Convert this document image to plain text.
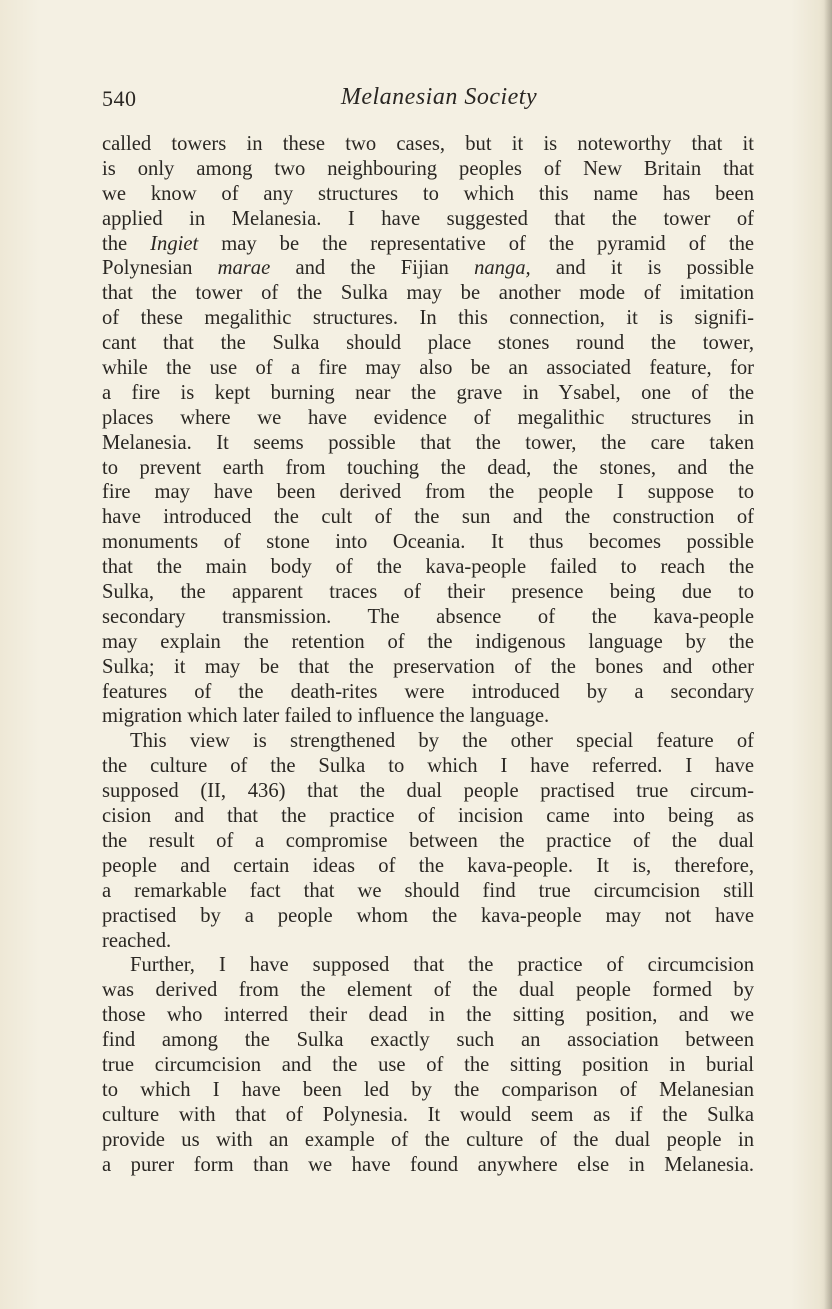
540	Melanesian Society
called towers in these two cases, but it is noteworthy that it
is only among two neighbouring peoples of New Britain that
we know of any structures to which this name has been
applied in Melanesia. I have suggested that the tower of
the Ingiet may be the representative of the pyramid of the
Polynesian marae and the Fijian nanga, and it is possible
that the tower of the Sulka may be another mode of imitation
of these megalithic structures. In this connection, it is signifi-
cant that the Sulka should place stones round the tower,
while the use of a fire may also be an associated feature, for
a fire is kept burning near the grave in Ysabel, one of the
places where we have evidence of megalithic structures in
Melanesia. It seems possible that the tower, the care taken
to prevent earth from touching the dead, the stones, and the
fire may have been derived from the people I suppose to
have introduced the cult of the sun and the construction of
monuments of stone into Oceania. It thus becomes possible
that the main body of the kava-people failed to reach the
Sulka, the apparent traces of their presence being due to
secondary transmission. The absence of the kava-people
may explain the retention of the indigenous language by the
Sulka; it may be that the preservation of the bones and other
features of the death-rites were introduced by a secondary
migration which later failed to influence the language.
This view is strengthened by the other special feature of
the culture of the Sulka to which I have referred. I have
supposed (II, 436) that the dual people practised true circum-
cision and that the practice of incision came into being as
the result of a compromise between the practice of the dual
people and certain ideas of the kava-people. It is, therefore,
a remarkable fact that we should find true circumcision still
practised by a people whom the kava-people may not have
reached.
Further, I have supposed that the practice of circumcision
was derived from the element of the dual people formed by
those who interred their dead in the sitting position, and we
find among the Sulka exactly such an association between
true circumcision and the use of the sitting position in burial
to which I have been led by the comparison of Melanesian
culture with that of Polynesia. It would seem as if the Sulka
provide us with an example of the culture of the dual people in
a purer form than we have found anywhere else in Melanesia.
